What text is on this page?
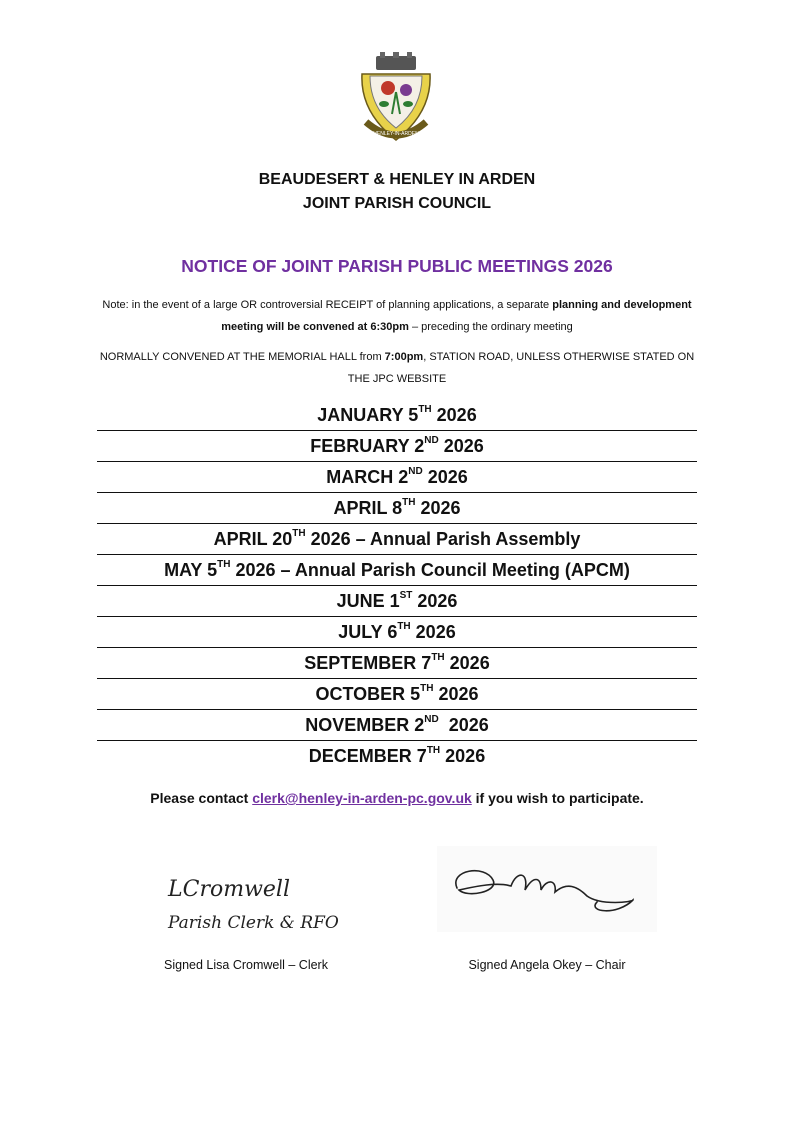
HENLEY-IN-ARDEN
BEAUDESERT & HENLEY IN ARDEN
JOINT PARISH COUNCIL
NOTICE OF JOINT PARISH PUBLIC MEETINGS 2026
Note: in the event of a large OR controversial RECEIPT of planning applications, a separate planning and development meeting will be convened at 6:30pm – preceding the ordinary meeting
NORMALLY CONVENED AT THE MEMORIAL HALL from 7:00pm, STATION ROAD, UNLESS OTHERWISE STATED ON THE JPC WEBSITE
JANUARY 5TH 2026
FEBRUARY 2ND 2026
MARCH 2ND 2026
APRIL 8TH 2026
APRIL 20TH 2026 – Annual Parish Assembly
MAY 5TH 2026 – Annual Parish Council Meeting (APCM)
JUNE 1ST 2026
JULY 6TH 2026
SEPTEMBER 7TH 2026
OCTOBER 5TH 2026
NOVEMBER 2ND  2026
DECEMBER 7TH 2026
Please contact clerk@henley-in-arden-pc.gov.uk if you wish to participate.
LCromwell
Parish Clerk & RFO
Signed Lisa Cromwell – Clerk	Signed Angela Okey – Chair
